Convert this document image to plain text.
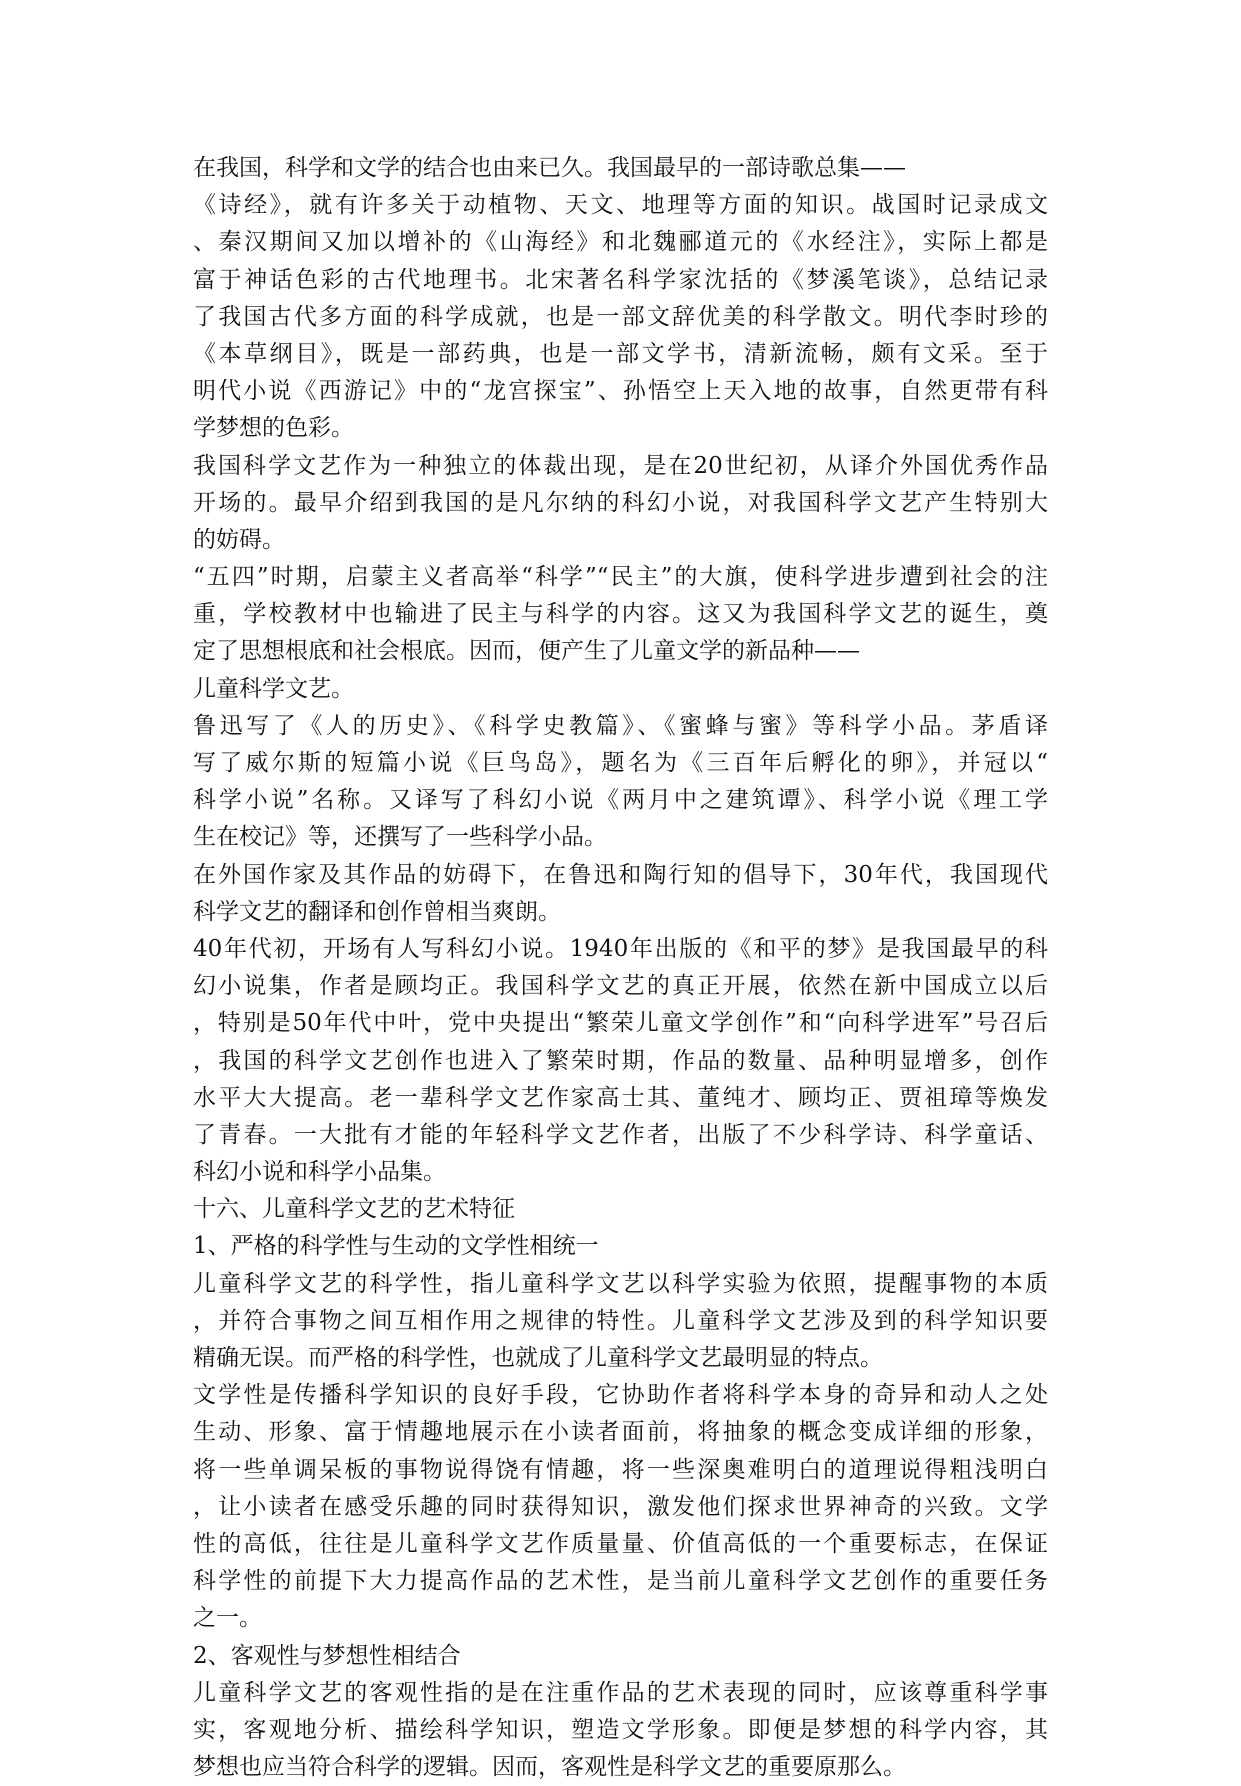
在我国，科学和文学的结合也由来已久。我国最早的一部诗歌总集——
《诗经》，就有许多关于动植物、天文、地理等方面的知识。战国时记录成文
、秦汉期间又加以增补的《山海经》和北魏郦道元的《水经注》，实际上都是
富于神话色彩的古代地理书。北宋著名科学家沈括的《梦溪笔谈》，总结记录
了我国古代多方面的科学成就，也是一部文辞优美的科学散文。明代李时珍的
《本草纲目》，既是一部药典，也是一部文学书，清新流畅，颇有文采。至于
明代小说《西游记》中的“龙宫探宝”、孙悟空上天入地的故事，自然更带有科
学梦想的色彩。
我国科学文艺作为一种独立的体裁出现，是在20世纪初，从译介外国优秀作品
开场的。最早介绍到我国的是凡尔纳的科幻小说，对我国科学文艺产生特别大
的妨碍。
“五四”时期，启蒙主义者高举“科学”“民主”的大旗，使科学进步遭到社会的注
重，学校教材中也输进了民主与科学的内容。这又为我国科学文艺的诞生，奠
定了思想根底和社会根底。因而，便产生了儿童文学的新品种——
儿童科学文艺。
鲁迅写了《人的历史》、《科学史教篇》、《蜜蜂与蜜》等科学小品。茅盾译
写了威尔斯的短篇小说《巨鸟岛》，题名为《三百年后孵化的卵》，并冠以“
科学小说”名称。又译写了科幻小说《两月中之建筑谭》、科学小说《理工学
生在校记》等，还撰写了一些科学小品。
在外国作家及其作品的妨碍下，在鲁迅和陶行知的倡导下，30年代，我国现代
科学文艺的翻译和创作曾相当爽朗。
40年代初，开场有人写科幻小说。1940年出版的《和平的梦》是我国最早的科
幻小说集，作者是顾均正。我国科学文艺的真正开展，依然在新中国成立以后
，特别是50年代中叶，党中央提出“繁荣儿童文学创作”和“向科学进军”号召后
，我国的科学文艺创作也进入了繁荣时期，作品的数量、品种明显增多，创作
水平大大提高。老一辈科学文艺作家高士其、董纯才、顾均正、贾祖璋等焕发
了青春。一大批有才能的年轻科学文艺作者，出版了不少科学诗、科学童话、
科幻小说和科学小品集。
十六、儿童科学文艺的艺术特征
1、严格的科学性与生动的文学性相统一
儿童科学文艺的科学性，指儿童科学文艺以科学实验为依照，提醒事物的本质
，并符合事物之间互相作用之规律的特性。儿童科学文艺涉及到的科学知识要
精确无误。而严格的科学性，也就成了儿童科学文艺最明显的特点。
文学性是传播科学知识的良好手段，它协助作者将科学本身的奇异和动人之处
生动、形象、富于情趣地展示在小读者面前，将抽象的概念变成详细的形象，
将一些单调呆板的事物说得饶有情趣，将一些深奥难明白的道理说得粗浅明白
，让小读者在感受乐趣的同时获得知识，激发他们探求世界神奇的兴致。文学
性的高低，往往是儿童科学文艺作质量量、价值高低的一个重要标志，在保证
科学性的前提下大力提高作品的艺术性，是当前儿童科学文艺创作的重要任务
之一。
2、客观性与梦想性相结合
儿童科学文艺的客观性指的是在注重作品的艺术表现的同时，应该尊重科学事
实，客观地分析、描绘科学知识，塑造文学形象。即便是梦想的科学内容，其
梦想也应当符合科学的逻辑。因而，客观性是科学文艺的重要原那么。
